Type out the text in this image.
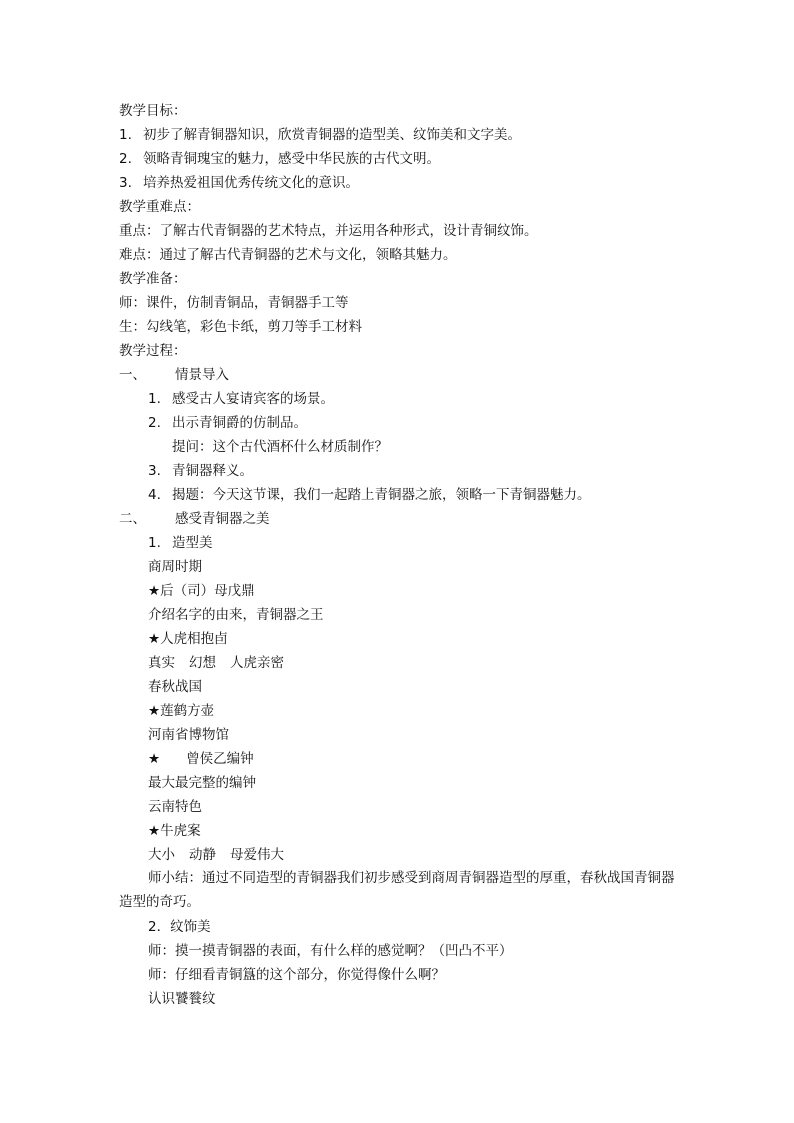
教学目标：
1. 初步了解青铜器知识，欣赏青铜器的造型美、纹饰美和文字美。
2. 领略青铜瑰宝的魅力，感受中华民族的古代文明。
3. 培养热爱祖国优秀传统文化的意识。
教学重难点：
重点：了解古代青铜器的艺术特点，并运用各种形式，设计青铜纹饰。
难点：通过了解古代青铜器的艺术与文化，领略其魅力。
教学准备：
师：课件，仿制青铜品，青铜器手工等
生：勾线笔，彩色卡纸，剪刀等手工材料
教学过程：
一、 情景导入
1. 感受古人宴请宾客的场景。
2. 出示青铜爵的仿制品。
提问：这个古代酒杯什么材质制作？
3. 青铜器释义。
4. 揭题：今天这节课，我们一起踏上青铜器之旅，领略一下青铜器魅力。
二、 感受青铜器之美
1. 造型美
商周时期
★后（司）母戊鼎
介绍名字的由来，青铜器之王
★人虎相抱卣
真实 幻想 人虎亲密
春秋战国
★莲鹤方壶
河南省博物馆
★ 曾侯乙编钟
最大最完整的编钟
云南特色
★牛虎案
大小 动静 母爱伟大
师小结：通过不同造型的青铜器我们初步感受到商周青铜器造型的厚重，春秋战国青铜器造型的奇巧。
2．纹饰美
师：摸一摸青铜器的表面，有什么样的感觉啊？（凹凸不平）
师：仔细看青铜簋的这个部分，你觉得像什么啊？
认识饕餮纹
